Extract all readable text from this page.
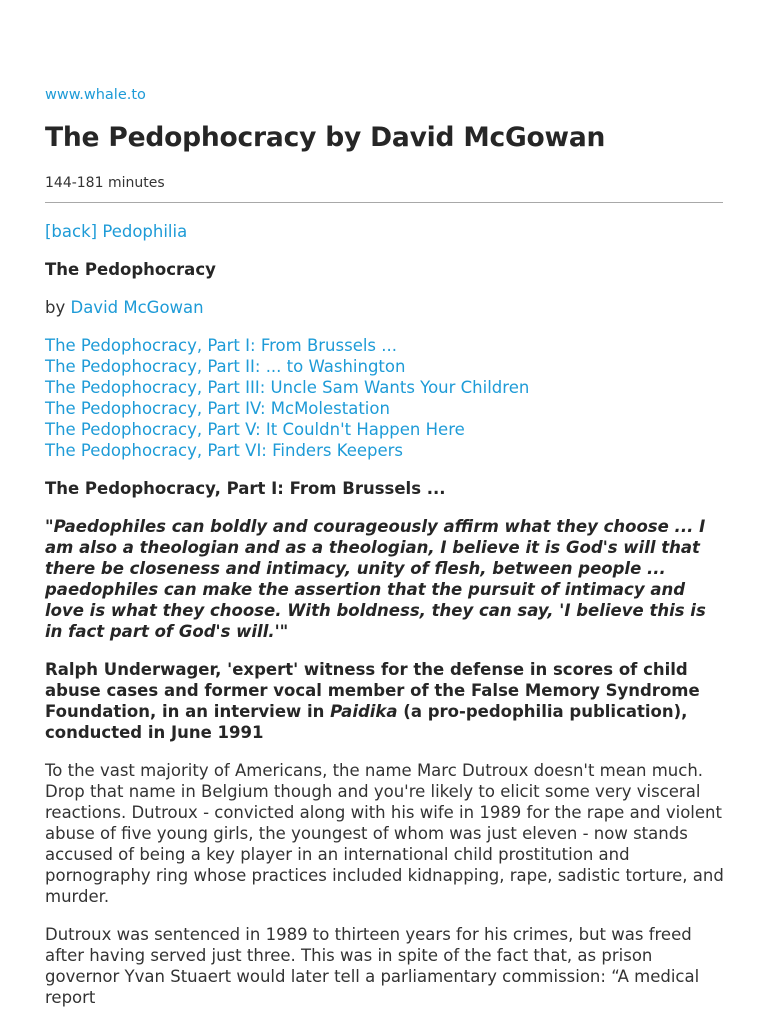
www.whale.to
The Pedophocracy by David McGowan
144-181 minutes

[back] Pedophilia

The Pedophocracy

by David McGowan

The Pedophocracy, Part I: From Brussels ...
The Pedophocracy, Part II: ... to Washington
The Pedophocracy, Part III: Uncle Sam Wants Your Children
The Pedophocracy, Part IV: McMolestation
The Pedophocracy, Part V: It Couldn't Happen Here
The Pedophocracy, Part VI: Finders Keepers

The Pedophocracy, Part I: From Brussels ...

"Paedophiles can boldly and courageously affirm what they choose ... I am also a theologian and as a theologian, I believe it is God's will that there be closeness and intimacy, unity of flesh, between people ... paedophiles can make the assertion that the pursuit of intimacy and love is what they choose. With boldness, they can say, 'I believe this is in fact part of God's will.'"

Ralph Underwager, 'expert' witness for the defense in scores of child abuse cases and former vocal member of the False Memory Syndrome Foundation, in an interview in Paidika (a pro-pedophilia publication), conducted in June 1991

To the vast majority of Americans, the name Marc Dutroux doesn't mean much. Drop that name in Belgium though and you're likely to elicit some very visceral reactions. Dutroux - convicted along with his wife in 1989 for the rape and violent abuse of five young girls, the youngest of whom was just eleven - now stands accused of being a key player in an international child prostitution and pornography ring whose practices included kidnapping, rape, sadistic torture, and murder.

Dutroux was sentenced in 1989 to thirteen years for his crimes, but was freed after having served just three. This was in spite of the fact that, as prison governor Yvan Stuaert would later tell a parliamentary commission: “A medical report
